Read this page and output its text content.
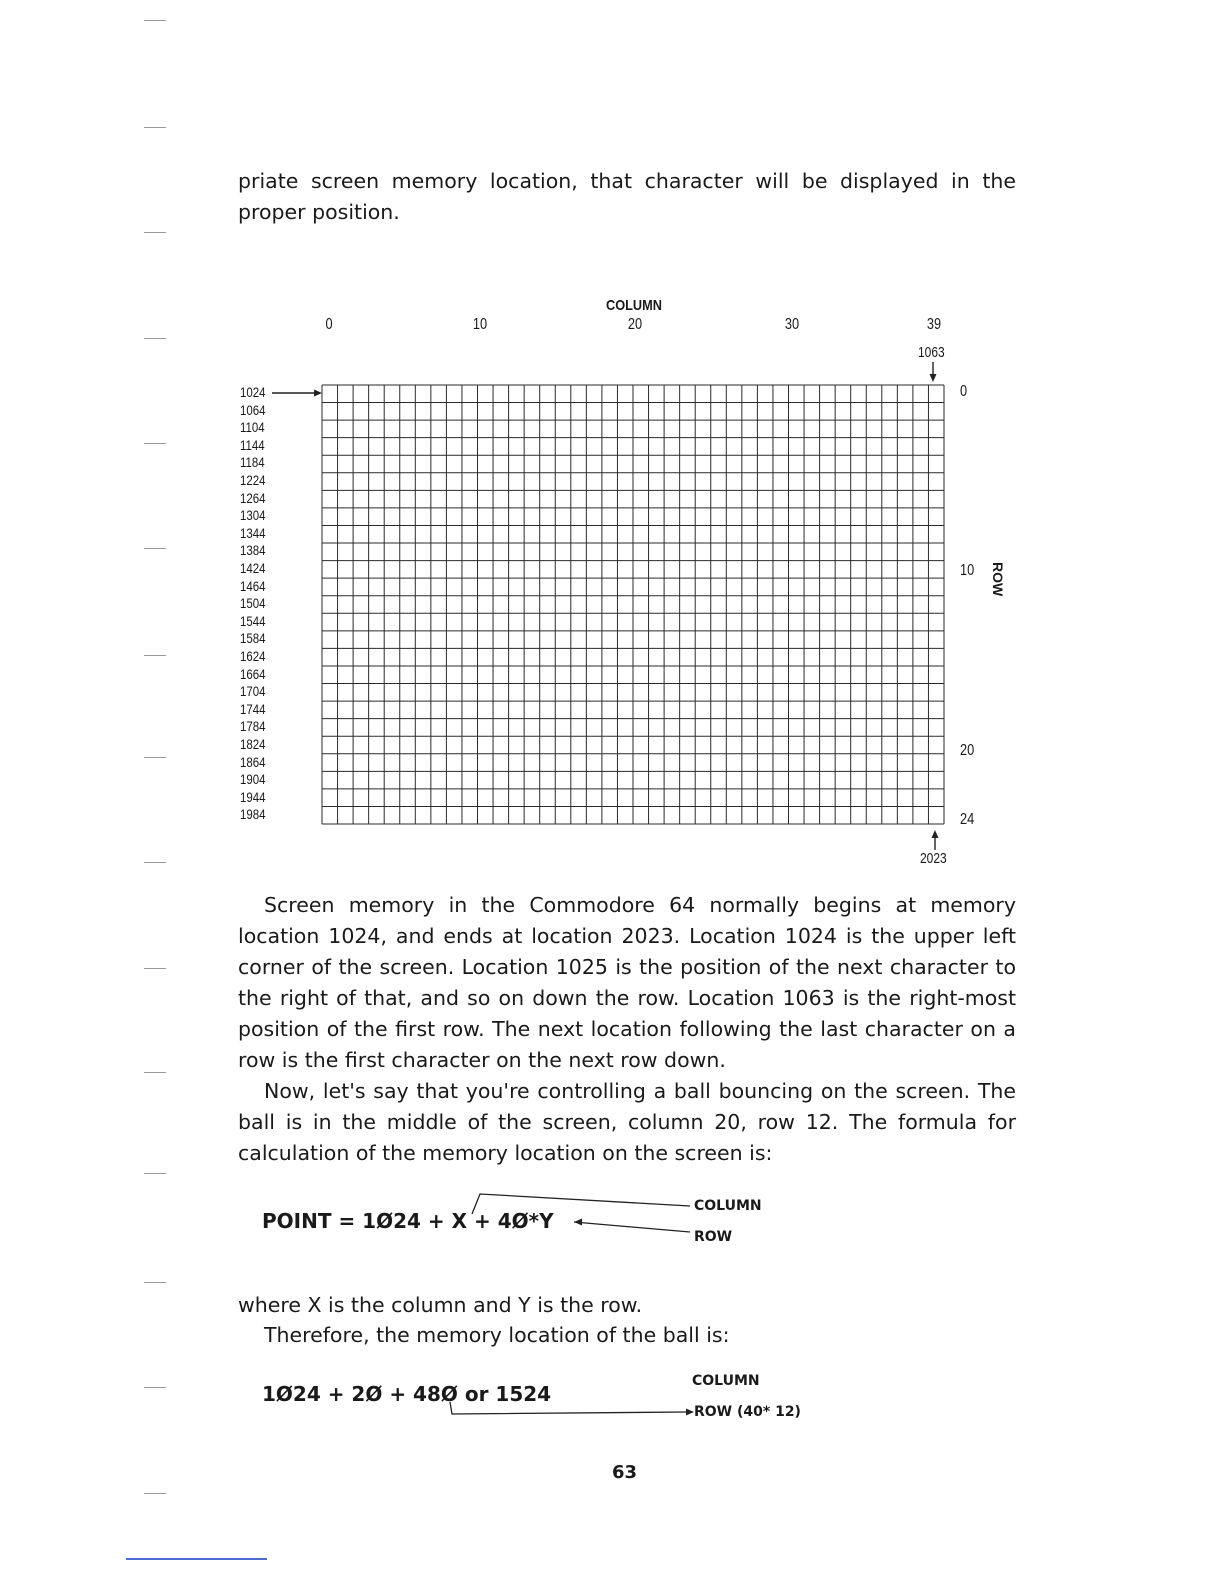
priate screen memory location, that character will be displayed in the proper position.

COLUMN
0	10	20	30	39
1063
1024
1064
1104
1144
1184
1224
1264
1304
1344
1384
1424
1464
1504
1544
1584
1624
1664
1704
1744
1784
1824
1864
1904
1944
1984
0
10
20
24
ROW
2023

Screen memory in the Commodore 64 normally begins at memory location 1024, and ends at location 2023. Location 1024 is the upper left corner of the screen. Location 1025 is the position of the next character to the right of that, and so on down the row. Location 1063 is the right-most position of the first row. The next location following the last character on a row is the first character on the next row down.

Now, let's say that you're controlling a ball bouncing on the screen. The ball is in the middle of the screen, column 20, row 12. The formula for calculation of the memory location on the screen is:

POINT = 1Ø24 + X + 4Ø*Y
COLUMN
ROW

where X is the column and Y is the row.

Therefore, the memory location of the ball is:

1Ø24 + 2Ø + 48Ø or 1524
COLUMN
ROW (40* 12)
63
